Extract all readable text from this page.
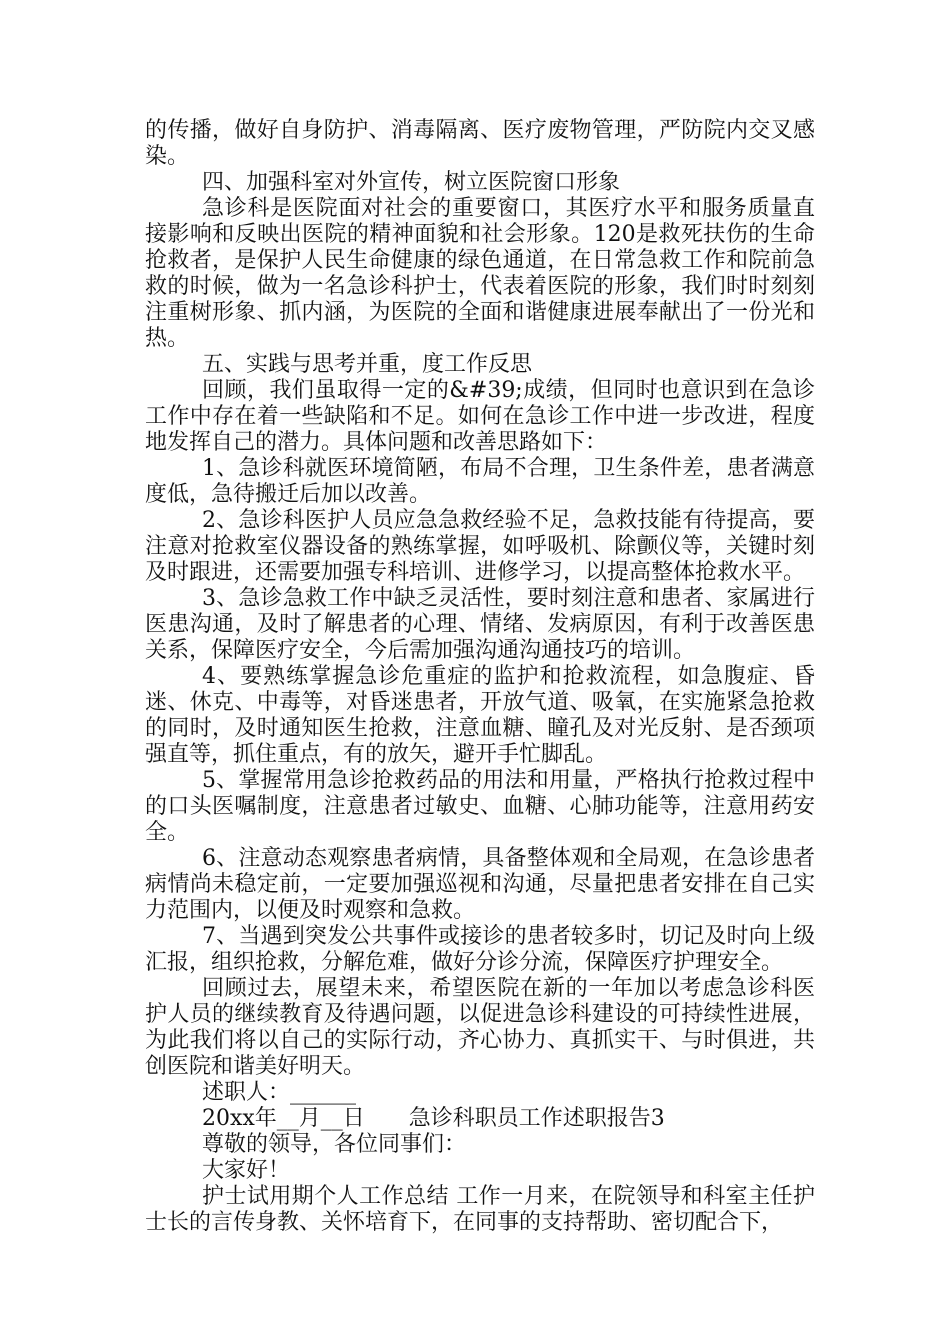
的传播，做好自身防护、消毒隔离、医疗废物管理，严防院内交叉感染。

四、加强科室对外宣传，树立医院窗口形象

急诊科是医院面对社会的重要窗口，其医疗水平和服务质量直接影响和反映出医院的精神面貌和社会形象。120是救死扶伤的生命抢救者，是保护人民生命健康的绿色通道，在日常急救工作和院前急救的时候，做为一名急诊科护士，代表着医院的形象，我们时时刻刻注重树形象、抓内涵，为医院的全面和谐健康进展奉献出了一份光和热。

五、实践与思考并重，度工作反思

回顾，我们虽取得一定的&#39;成绩，但同时也意识到在急诊工作中存在着一些缺陷和不足。如何在急诊工作中进一步改进，程度地发挥自己的潜力。具体问题和改善思路如下：

1、急诊科就医环境简陋，布局不合理，卫生条件差，患者满意度低，急待搬迁后加以改善。

2、急诊科医护人员应急急救经验不足，急救技能有待提高，要注意对抢救室仪器设备的熟练掌握，如呼吸机、除颤仪等，关键时刻及时跟进，还需要加强专科培训、进修学习，以提高整体抢救水平。

3、急诊急救工作中缺乏灵活性，要时刻注意和患者、家属进行医患沟通，及时了解患者的心理、情绪、发病原因，有利于改善医患关系，保障医疗安全，今后需加强沟通沟通技巧的培训。

4、要熟练掌握急诊危重症的监护和抢救流程，如急腹症、昏迷、休克、中毒等，对昏迷患者，开放气道、吸氧，在实施紧急抢救的同时，及时通知医生抢救，注意血糖、瞳孔及对光反射、是否颈项强直等，抓住重点，有的放矢，避开手忙脚乱。

5、掌握常用急诊抢救药品的用法和用量，严格执行抢救过程中的口头医嘱制度，注意患者过敏史、血糖、心肺功能等，注意用药安全。

6、注意动态观察患者病情，具备整体观和全局观，在急诊患者病情尚未稳定前，一定要加强巡视和沟通，尽量把患者安排在自己实力范围内，以便及时观察和急救。

7、当遇到突发公共事件或接诊的患者较多时，切记及时向上级汇报，组织抢救，分解危难，做好分诊分流，保障医疗护理安全。

回顾过去，展望未来，希望医院在新的一年加以考虑急诊科医护人员的继续教育及待遇问题，以促进急诊科建设的可持续性进展，为此我们将以自己的实际行动，齐心协力、真抓实干、与时俱进，共创医院和谐美好明天。

述职人：______

20xx年__月__日　　急诊科职员工作述职报告3

尊敬的领导，各位同事们：

大家好！

护士试用期个人工作总结 工作一月来，在院领导和科室主任护士长的言传身教、关怀培育下，在同事的支持帮助、密切配合下，
